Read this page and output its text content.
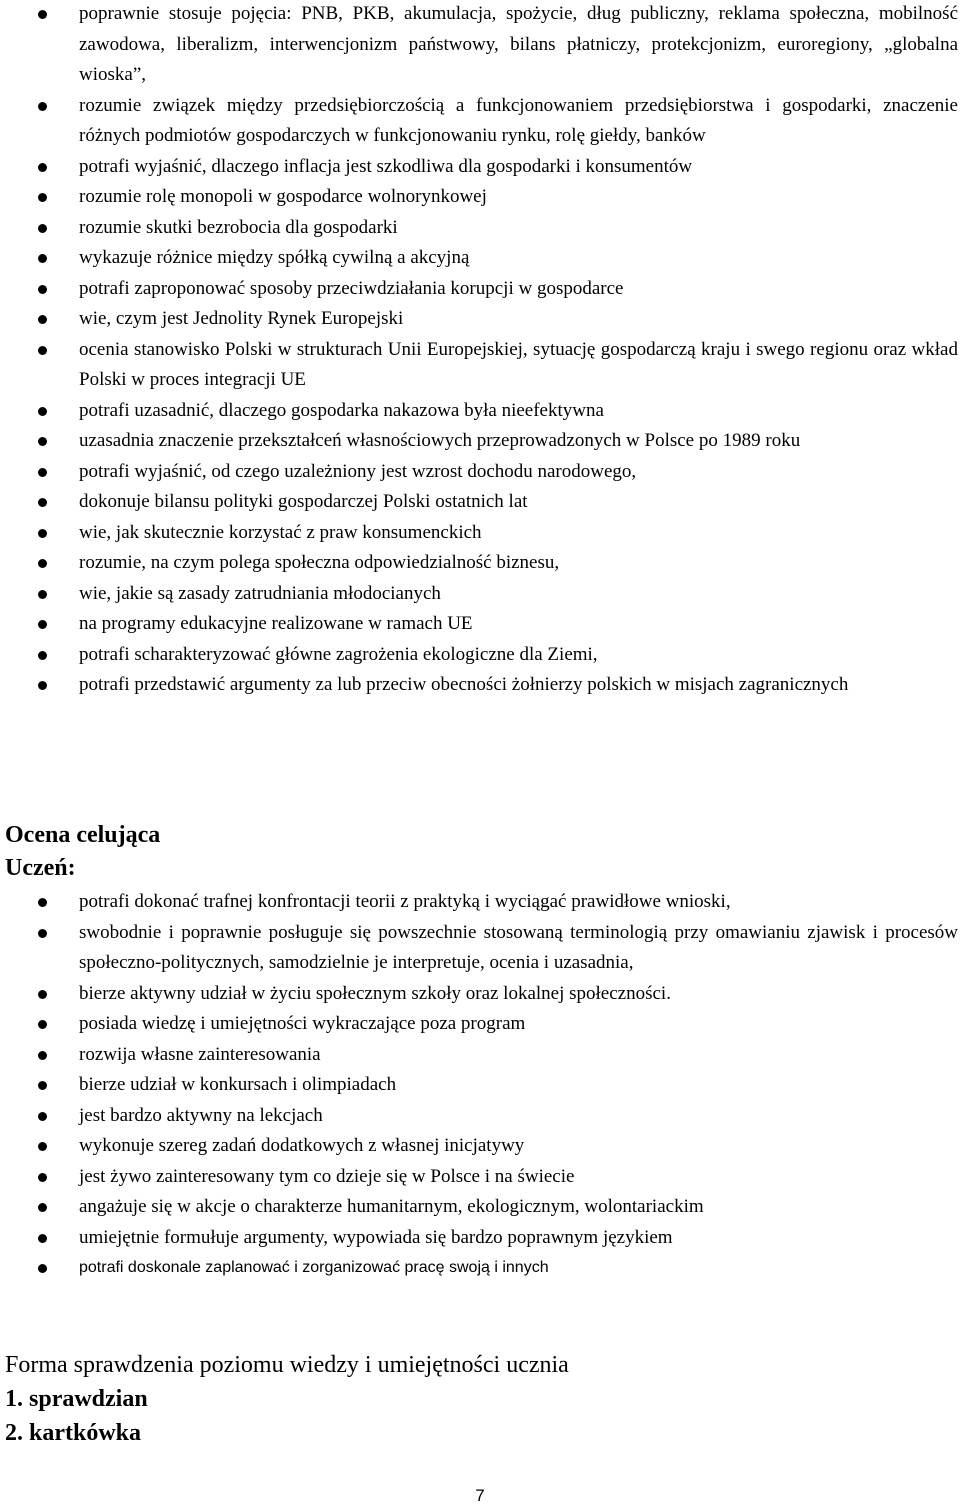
poprawnie stosuje pojęcia: PNB, PKB, akumulacja, spożycie, dług publiczny, reklama społeczna, mobilność zawodowa, liberalizm, interwencjonizm państwowy, bilans płatniczy, protekcjonizm, euroregiony, „globalna wioska”,
rozumie związek między przedsiębiorczością a funkcjonowaniem przedsiębiorstwa i gospodarki, znaczenie różnych podmiotów gospodarczych w funkcjonowaniu rynku, rolę giełdy, banków
potrafi wyjaśnić, dlaczego inflacja jest szkodliwa dla gospodarki i konsumentów
rozumie rolę monopoli w gospodarce wolnorynkowej
rozumie skutki bezrobocia dla gospodarki
wykazuje różnice między spółką cywilną a akcyjną
potrafi zaproponować sposoby przeciwdziałania korupcji w gospodarce
wie, czym jest Jednolity Rynek Europejski
ocenia stanowisko Polski w strukturach Unii Europejskiej, sytuację gospodarczą kraju i swego regionu oraz wkład Polski w proces integracji UE
potrafi uzasadnić, dlaczego gospodarka nakazowa była nieefektywna
uzasadnia znaczenie przekształceń własnościowych przeprowadzonych w Polsce po 1989 roku
potrafi wyjaśnić, od czego uzależniony jest wzrost dochodu narodowego,
dokonuje bilansu polityki gospodarczej Polski ostatnich lat
wie, jak skutecznie korzystać z praw konsumenckich
rozumie, na czym polega społeczna odpowiedzialność biznesu,
wie, jakie są zasady zatrudniania młodocianych
na programy edukacyjne realizowane w ramach UE
potrafi scharakteryzować główne zagrożenia ekologiczne dla Ziemi,
potrafi przedstawić argumenty za lub przeciw obecności żołnierzy polskich w misjach zagranicznych
Ocena celująca
Uczeń:
potrafi dokonać trafnej konfrontacji teorii z praktyką i wyciągać prawidłowe wnioski,
swobodnie i poprawnie posługuje się powszechnie stosowaną terminologią przy omawianiu zjawisk i procesów społeczno-politycznych, samodzielnie je interpretuje, ocenia i uzasadnia,
bierze aktywny udział w życiu społecznym szkoły oraz lokalnej społeczności.
posiada wiedzę i umiejętności wykraczające poza program
rozwija własne zainteresowania
bierze udział w konkursach i olimpiadach
jest bardzo aktywny na lekcjach
wykonuje szereg zadań dodatkowych z własnej inicjatywy
jest żywo zainteresowany tym co dzieje się w Polsce i na świecie
angażuje się w akcje o charakterze humanitarnym, ekologicznym, wolontariackim
umiejętnie formułuje argumenty, wypowiada się bardzo poprawnym językiem
potrafi doskonale zaplanować i zorganizować pracę swoją i innych
Forma sprawdzenia poziomu wiedzy i umiejętności ucznia

1. sprawdzian

2. kartkówka

7
